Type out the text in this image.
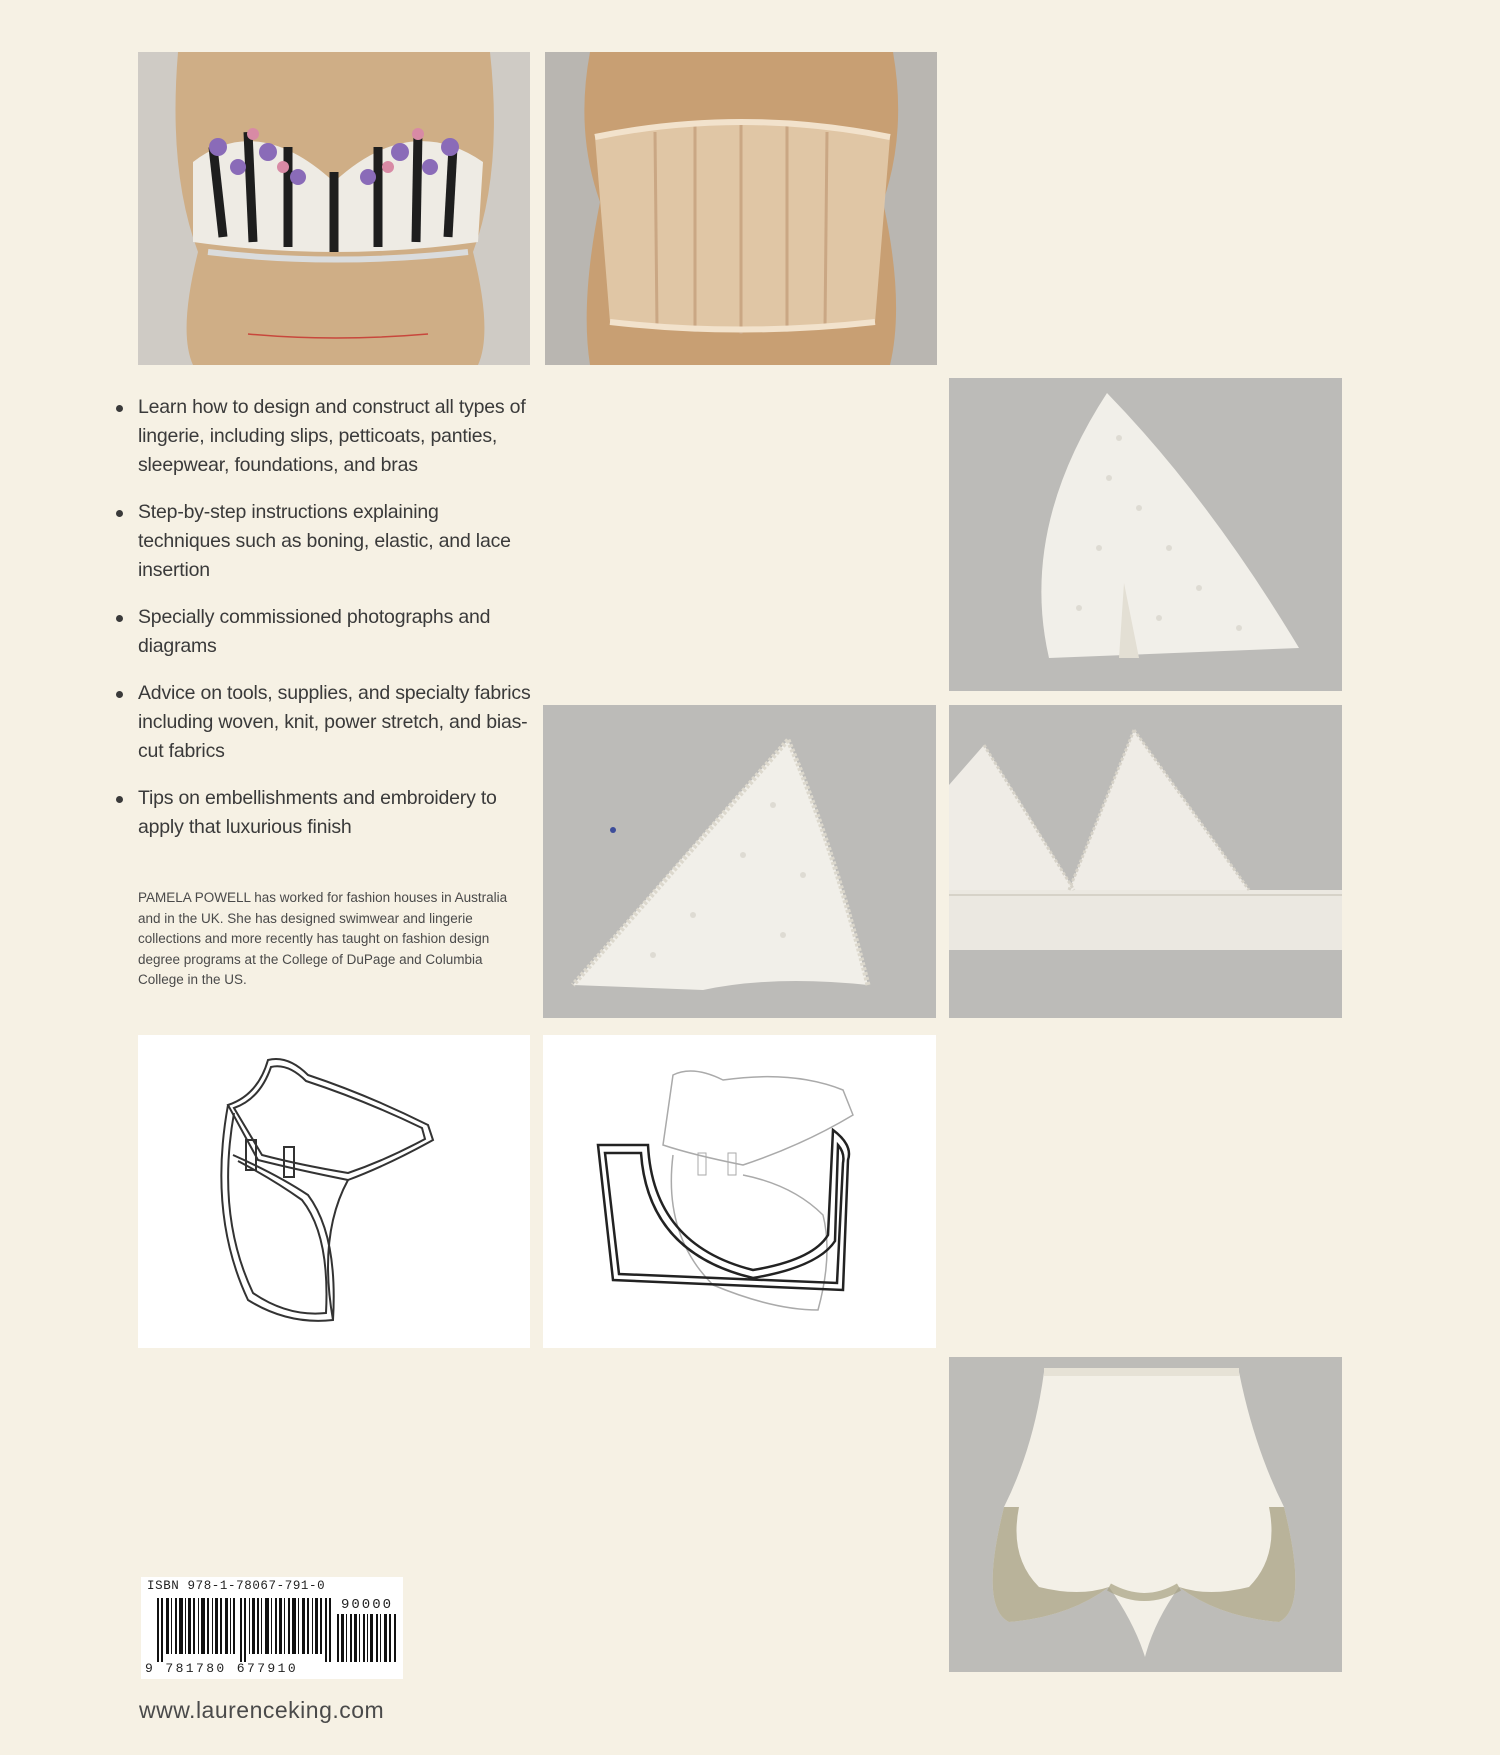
Learn how to design and construct all types of lingerie, including slips, petticoats, panties, sleepwear, foundations, and bras
Step-by-step instructions explaining techniques such as boning, elastic, and lace insertion
Specially commissioned photographs and diagrams
Advice on tools, supplies, and specialty fabrics including woven, knit, power stretch, and bias-cut fabrics
Tips on embellishments and embroidery to apply that luxurious finish

PAMELA POWELL has worked for fashion houses in Australia and in the UK. She has designed swimwear and lingerie collections and more recently has taught on fashion design degree programs at the College of DuPage and Columbia College in the US.

ISBN 978-1-78067-791-0
90000
9 781780 677910
www.laurenceking.com
